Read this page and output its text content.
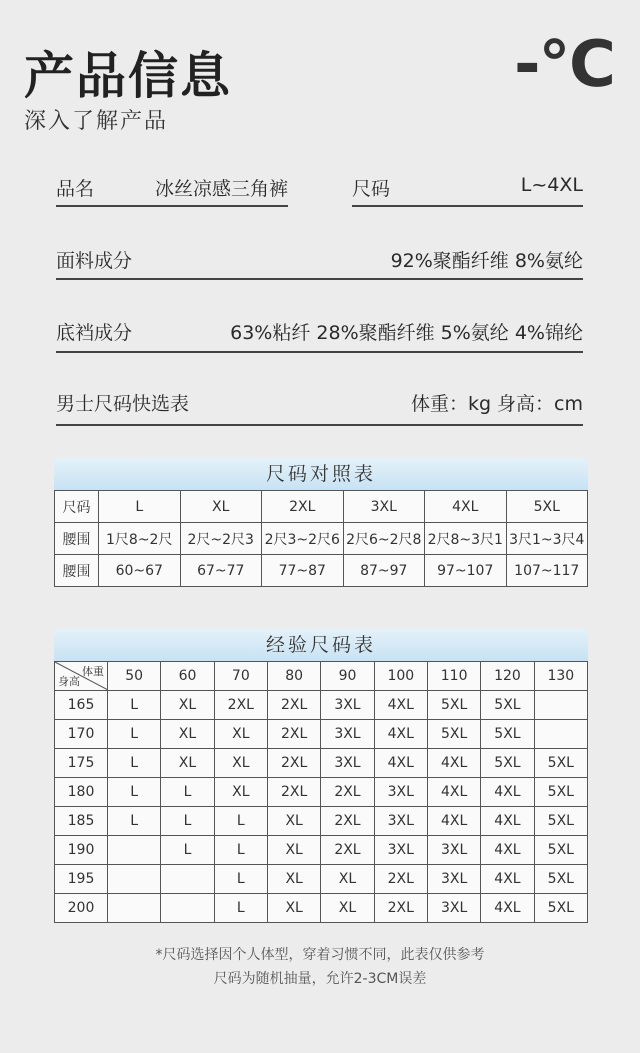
产品信息
深入了解产品
-℃
品名	冰丝凉感三角裤	尺码	L~4XL
面料成分	92%聚酯纤维 8%氨纶
底裆成分	63%粘纤 28%聚酯纤维 5%氨纶 4%锦纶
男士尺码快选表	体重：kg 身高：cm
尺码对照表
尺码	L	XL	2XL	3XL	4XL	5XL
腰围	1尺8~2尺	2尺~2尺3	2尺3~2尺6	2尺6~2尺8	2尺8~3尺1	3尺1~3尺4
腰围	60~67	67~77	77~87	87~97	97~107	107~117
经验尺码表
体重
身高	50	60	70	80	90	100	110	120	130
165	L	XL	2XL	2XL	3XL	4XL	5XL	5XL	
170	L	XL	XL	2XL	3XL	4XL	5XL	5XL	
175	L	XL	XL	2XL	3XL	4XL	4XL	5XL	5XL
180	L	L	XL	2XL	2XL	3XL	4XL	4XL	5XL
185	L	L	L	XL	2XL	3XL	4XL	4XL	5XL
190		L	L	XL	2XL	3XL	3XL	4XL	5XL
195			L	XL	XL	2XL	3XL	4XL	5XL
200			L	XL	XL	2XL	3XL	4XL	5XL
*尺码选择因个人体型，穿着习惯不同，此表仅供参考
尺码为随机抽量，允许2-3CM误差
